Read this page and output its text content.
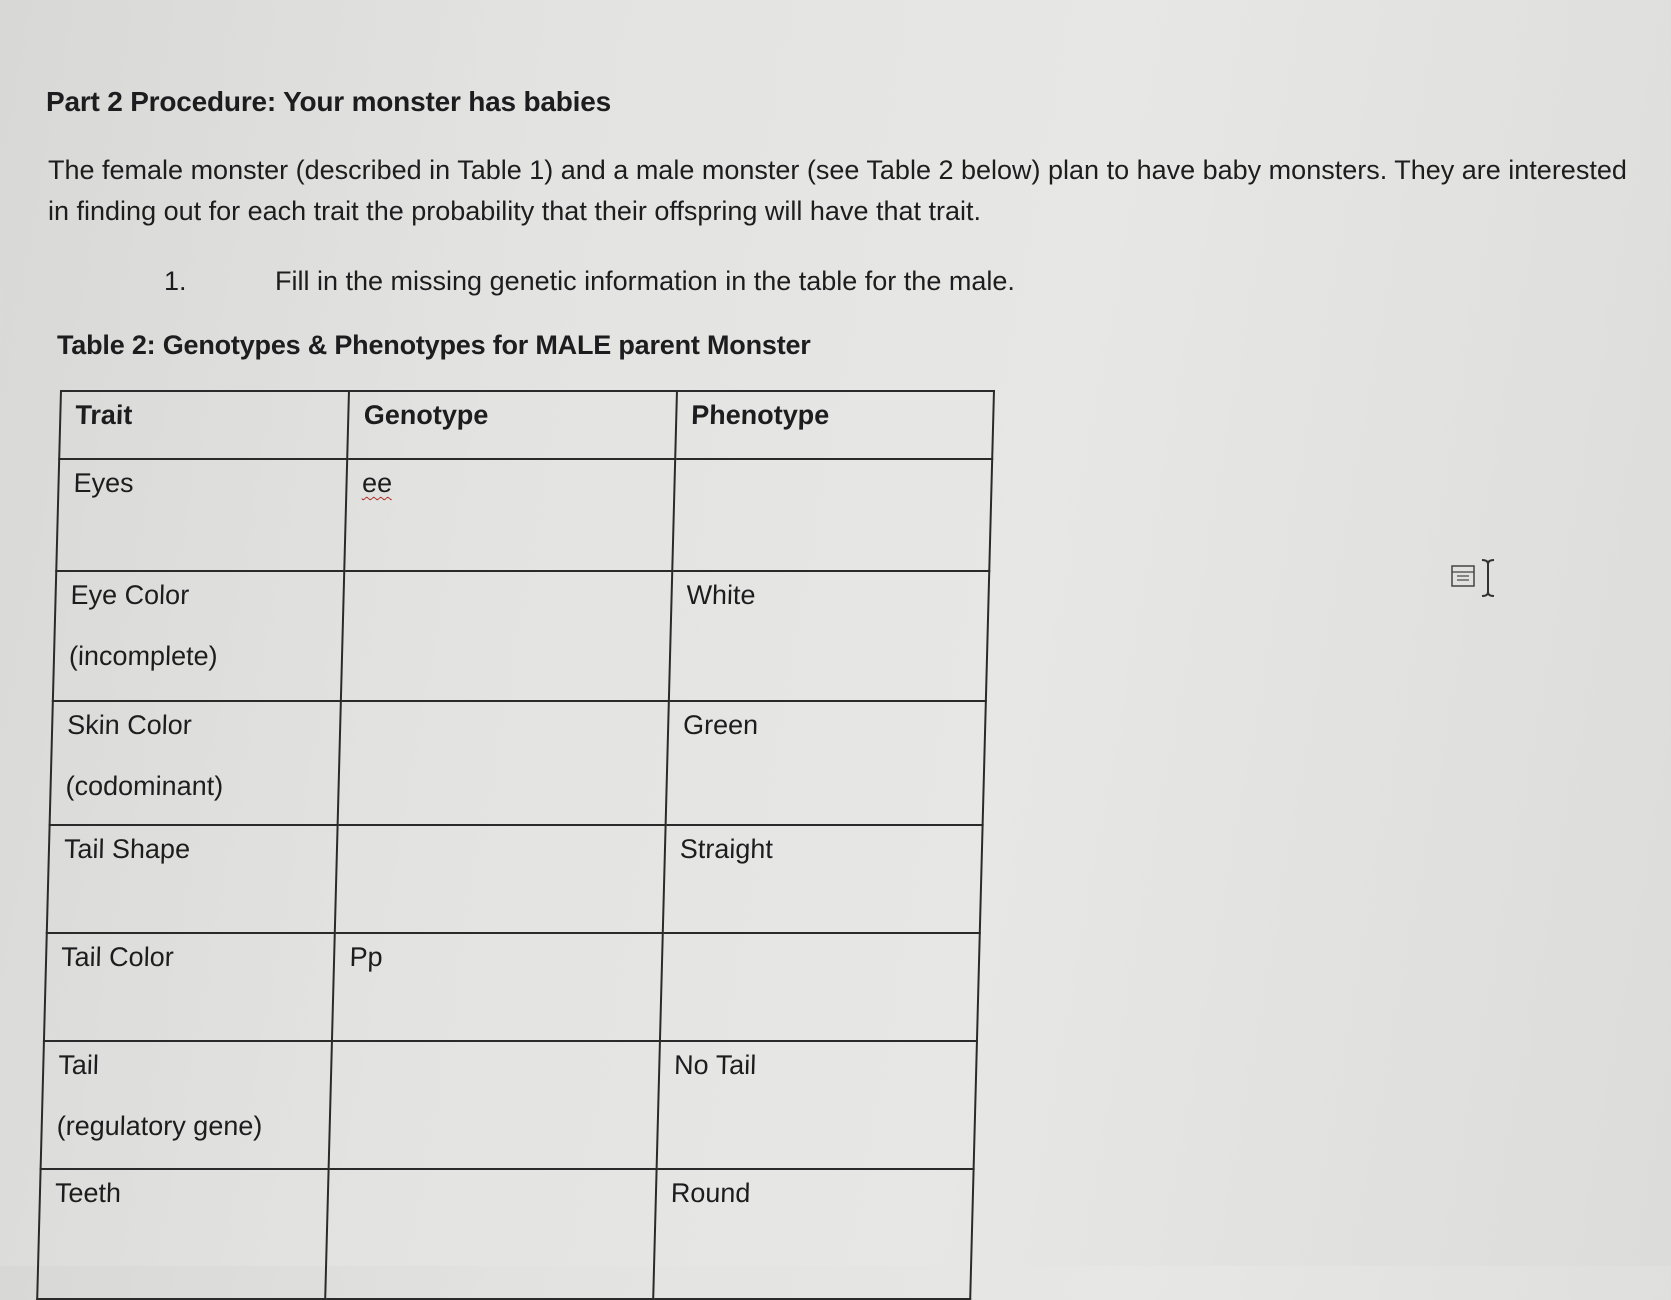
Part 2 Procedure: Your monster has babies
The female monster (described in Table 1) and a male monster (see Table 2 below) plan to have baby monsters. They are interested
in finding out for each trait the probability that their offspring will have that trait.
1.	Fill in the missing genetic information in the table for the male.
Table 2: Genotypes & Phenotypes for MALE parent Monster
Trait	Genotype	Phenotype
Eyes	ee	
Eye Color
(incomplete)		White
Skin Color
(codominant)		Green
Tail Shape		Straight
Tail Color	Pp	
Tail
(regulatory gene)		No Tail
Teeth		Round
